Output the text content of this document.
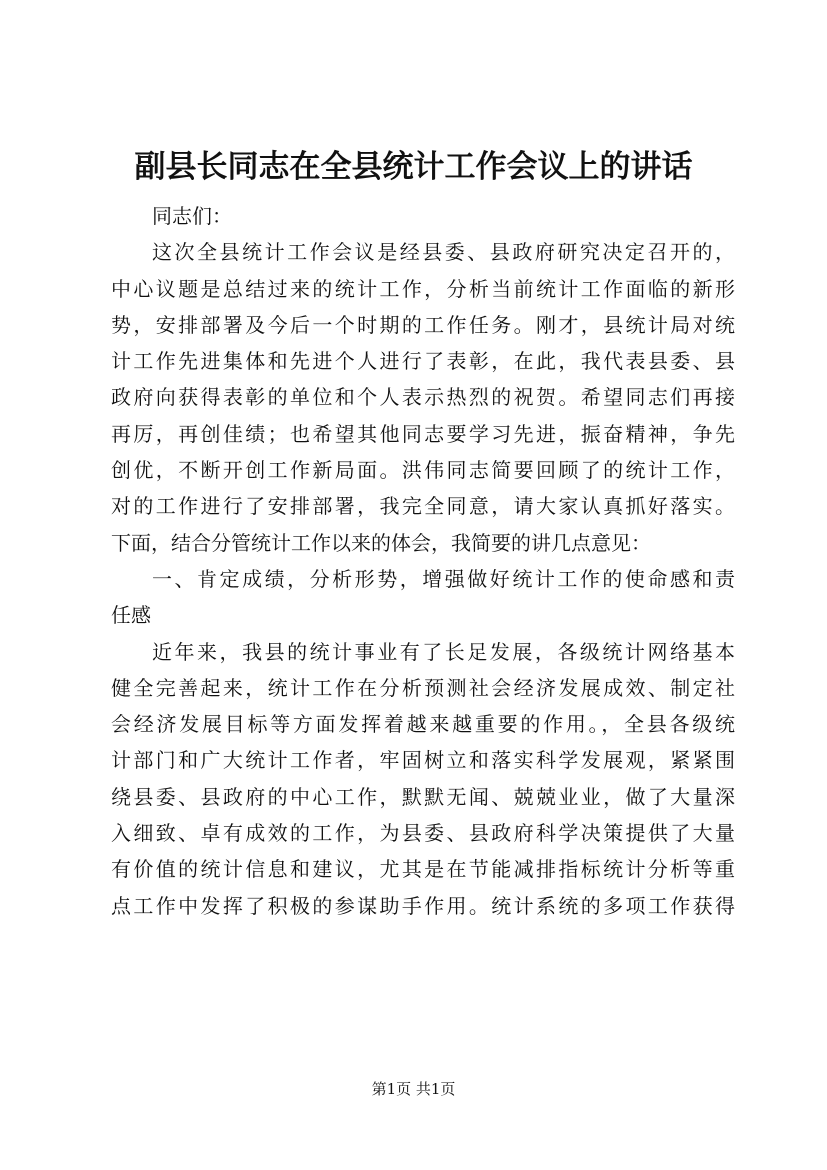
副县长同志在全县统计工作会议上的讲话
同志们：
这次全县统计工作会议是经县委、县政府研究决定召开的，
中心议题是总结过来的统计工作，分析当前统计工作面临的新形
势，安排部署及今后一个时期的工作任务。刚才，县统计局对统
计工作先进集体和先进个人进行了表彰，在此，我代表县委、县
政府向获得表彰的单位和个人表示热烈的祝贺。希望同志们再接
再厉，再创佳绩；也希望其他同志要学习先进，振奋精神，争先
创优，不断开创工作新局面。洪伟同志简要回顾了的统计工作，
对的工作进行了安排部署，我完全同意，请大家认真抓好落实。
下面，结合分管统计工作以来的体会，我简要的讲几点意见：
一、肯定成绩，分析形势，增强做好统计工作的使命感和责
任感
近年来，我县的统计事业有了长足发展，各级统计网络基本
健全完善起来，统计工作在分析预测社会经济发展成效、制定社
会经济发展目标等方面发挥着越来越重要的作用。，全县各级统
计部门和广大统计工作者，牢固树立和落实科学发展观，紧紧围
绕县委、县政府的中心工作，默默无闻、兢兢业业，做了大量深
入细致、卓有成效的工作，为县委、县政府科学决策提供了大量
有价值的统计信息和建议，尤其是在节能减排指标统计分析等重
点工作中发挥了积极的参谋助手作用。统计系统的多项工作获得
第1页 共1页
